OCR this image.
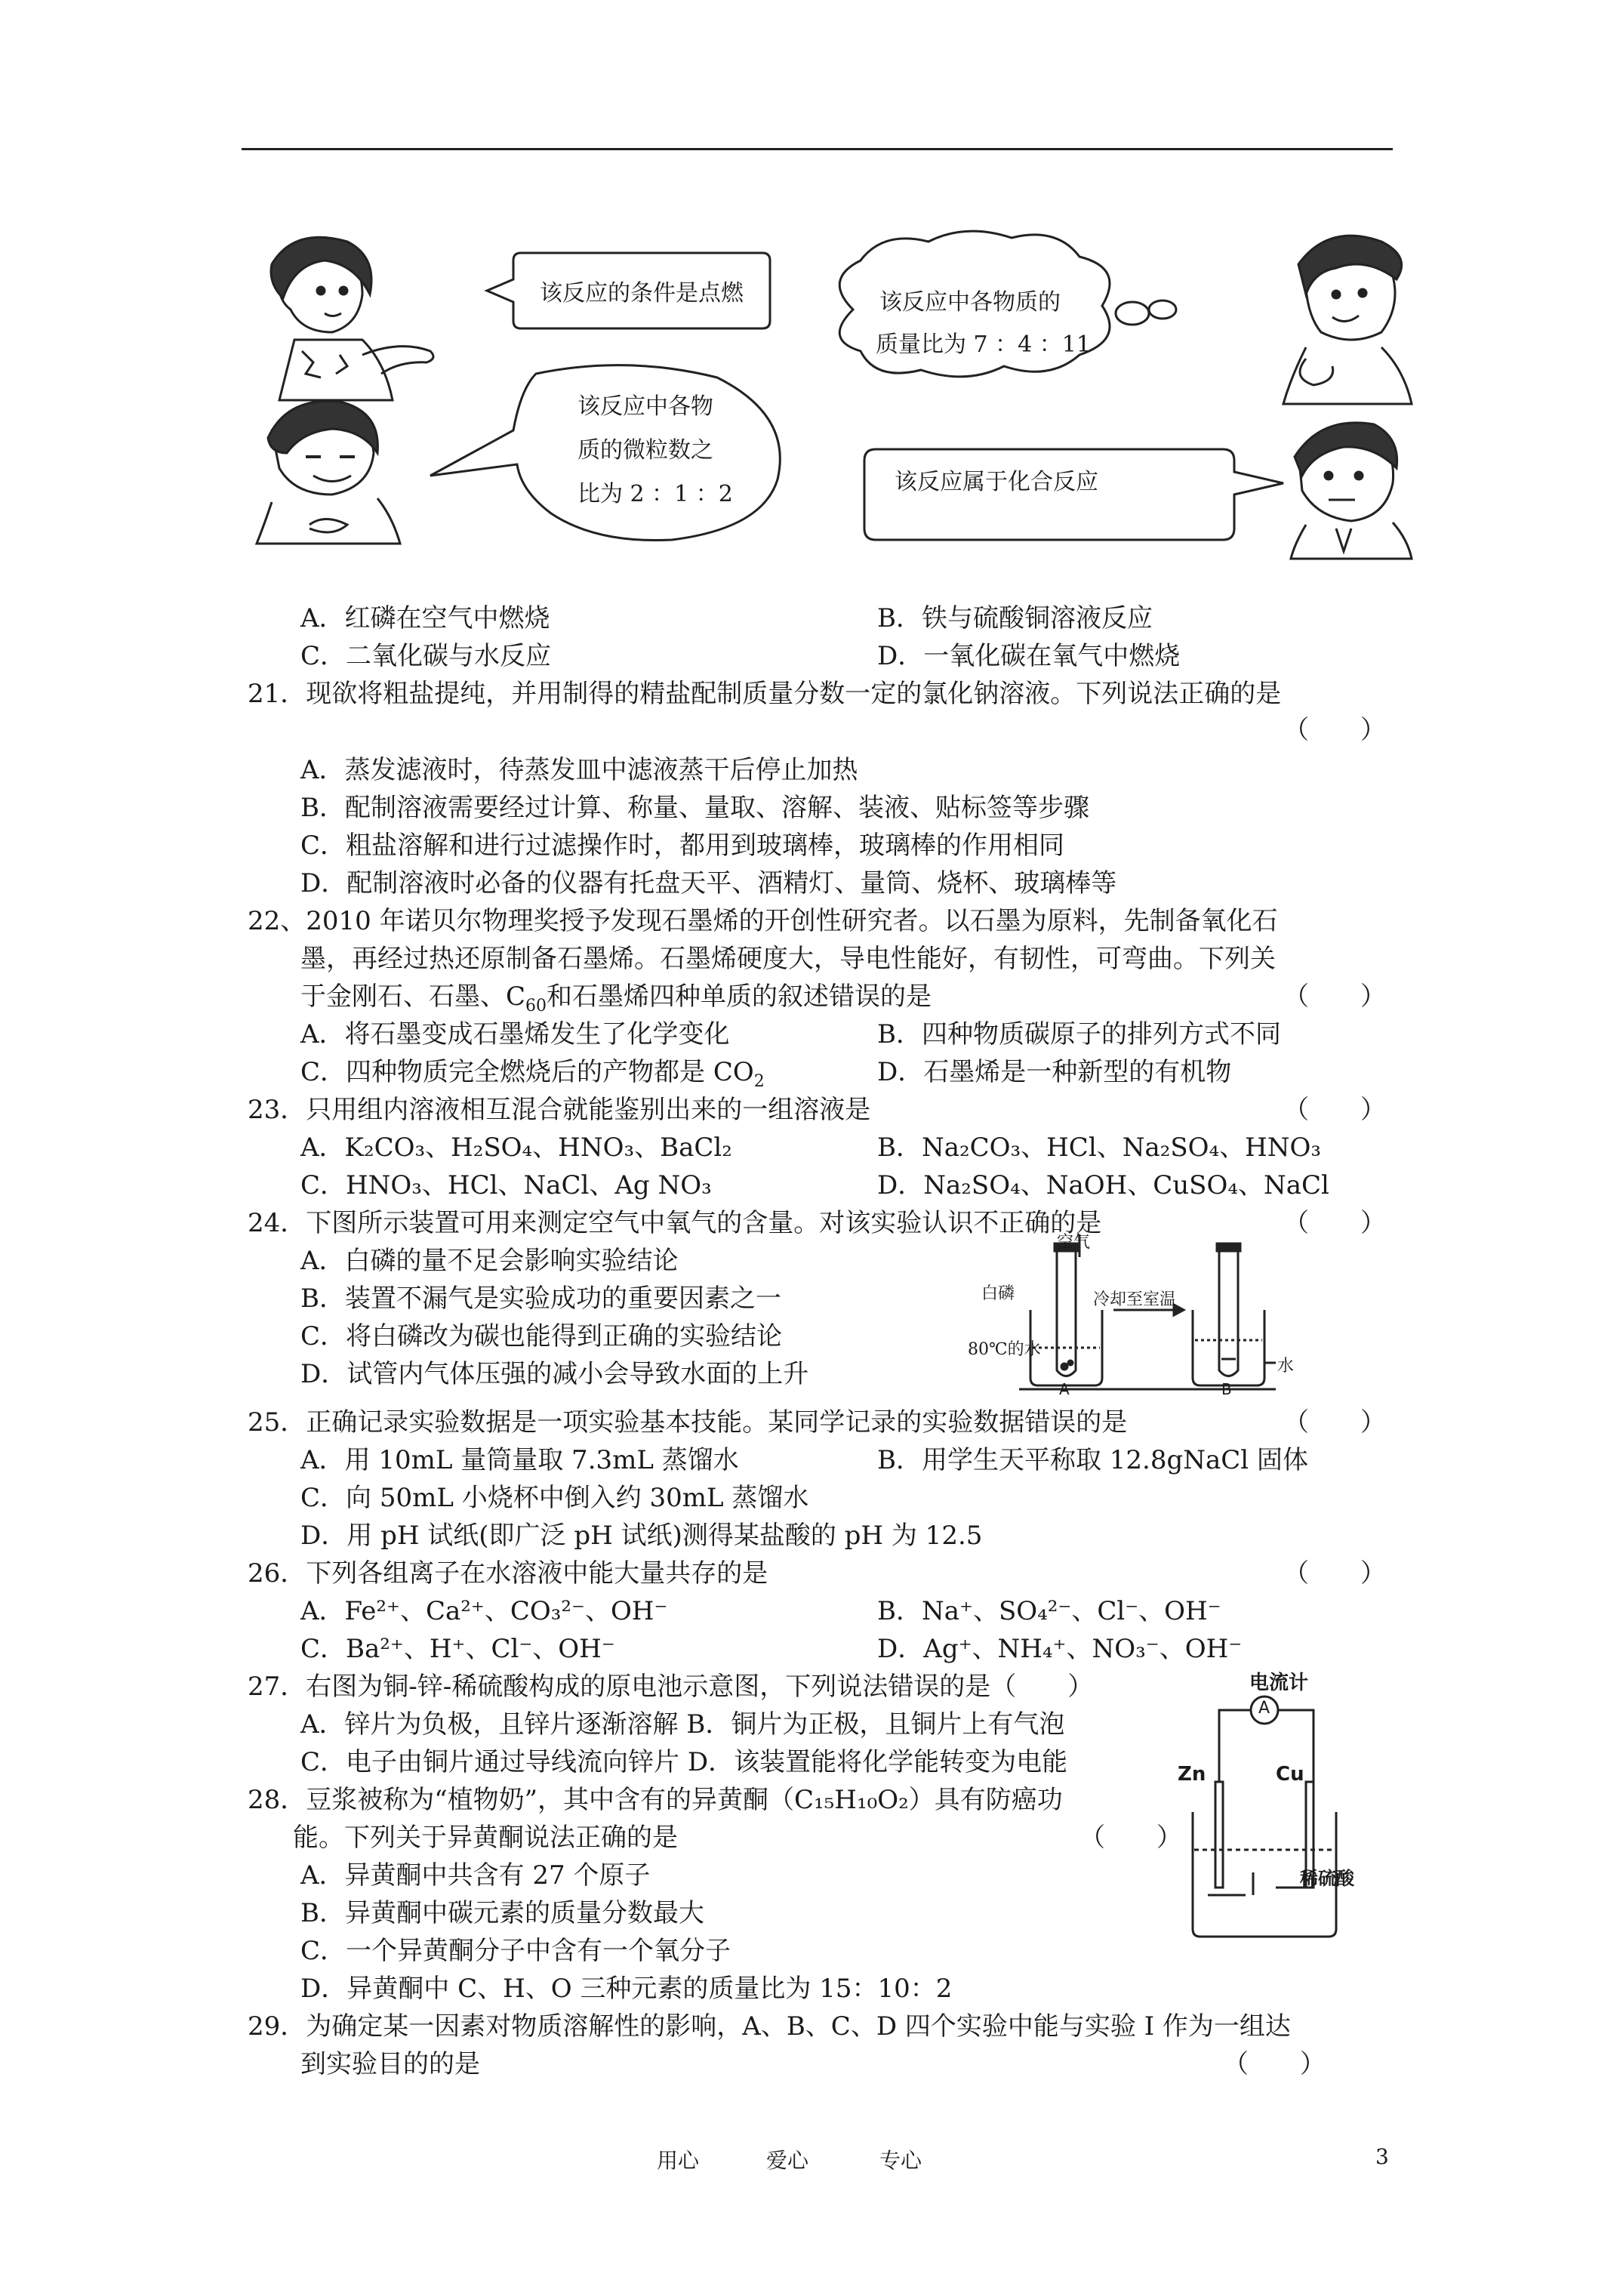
该反应的条件是点燃	该反应中各物质的
质量比为 7 ：4 ：11
该反应中各物
质的微粒数之
比为 2 ：1 ：2	该反应属于化合反应
A．红磷在空气中燃烧	B．铁与硫酸铜溶液反应
C．二氧化碳与水反应	D．一氧化碳在氧气中燃烧
21．现欲将粗盐提纯，并用制得的精盐配制质量分数一定的氯化钠溶液。下列说法正确的是
（　　）
A．蒸发滤液时，待蒸发皿中滤液蒸干后停止加热
B．配制溶液需要经过计算、称量、量取、溶解、装液、贴标签等步骤
C．粗盐溶解和进行过滤操作时，都用到玻璃棒，玻璃棒的作用相同
D．配制溶液时必备的仪器有托盘天平、酒精灯、量筒、烧杯、玻璃棒等
22、2010 年诺贝尔物理奖授予发现石墨烯的开创性研究者。以石墨为原料，先制备氧化石
墨，再经过热还原制备石墨烯。石墨烯硬度大，导电性能好，有韧性，可弯曲。下列关
于金刚石、石墨、$C_{60}$和石墨烯四种单质的叙述错误的是	（　　）
A．将石墨变成石墨烯发生了化学变化	B．四种物质碳原子的排列方式不同
C．四种物质完全燃烧后的产物都是 $CO_2$	D．石墨烯是一种新型的有机物
23．只用组内溶液相互混合就能鉴别出来的一组溶液是	（　　）
A．K₂CO₃、H₂SO₄、HNO₃、BaCl₂	B．Na₂CO₃、HCl、Na₂SO₄、HNO₃
C．HNO₃、HCl、NaCl、Ag NO₃	D．Na₂SO₄、NaOH、CuSO₄、NaCl
24．下图所示装置可用来测定空气中氧气的含量。对该实验认识不正确的是	（　　）
A．白磷的量不足会影响实验结论
B．装置不漏气是实验成功的重要因素之一
C．将白磷改为碳也能得到正确的实验结论
D．试管内气体压强的减小会导致水面的上升
空气
白磷	冷却至室温
80℃的水
水
A	B
25．正确记录实验数据是一项实验基本技能。某同学记录的实验数据错误的是	（　　）
A．用 10mL 量筒量取 7.3mL 蒸馏水	B．用学生天平称取 12.8gNaCl 固体
C．向 50mL 小烧杯中倒入约 30mL 蒸馏水
D．用 pH 试纸(即广泛 pH 试纸)测得某盐酸的 pH 为 12.5
26．下列各组离子在水溶液中能大量共存的是	（　　）
A．Fe²⁺、Ca²⁺、CO₃²⁻、OH⁻	B．Na⁺、SO₄²⁻、Cl⁻、OH⁻
C．Ba²⁺、H⁺、Cl⁻、OH⁻	D．Ag⁺、NH₄⁺、NO₃⁻、OH⁻
27．右图为铜-锌-稀硫酸构成的原电池示意图，下列说法错误的是（　　）
A．锌片为负极，且锌片逐渐溶解 B．铜片为正极，且铜片上有气泡
C．电子由铜片通过导线流向锌片 D．该装置能将化学能转变为电能
电流计
A
Zn	Cu
稀硫酸
28．豆浆被称为“植物奶”，其中含有的异黄酮（C₁₅H₁₀O₂）具有防癌功
能。下列关于异黄酮说法正确的是	（　　）
A．异黄酮中共含有 27 个原子
B．异黄酮中碳元素的质量分数最大
C．一个异黄酮分子中含有一个氧分子
D．异黄酮中 C、H、O 三种元素的质量比为 15：10：2
29．为确定某一因素对物质溶解性的影响，A、B、C、D 四个实验中能与实验 I 作为一组达
到实验目的的是	（　　）
用心	爱心	专心	3
